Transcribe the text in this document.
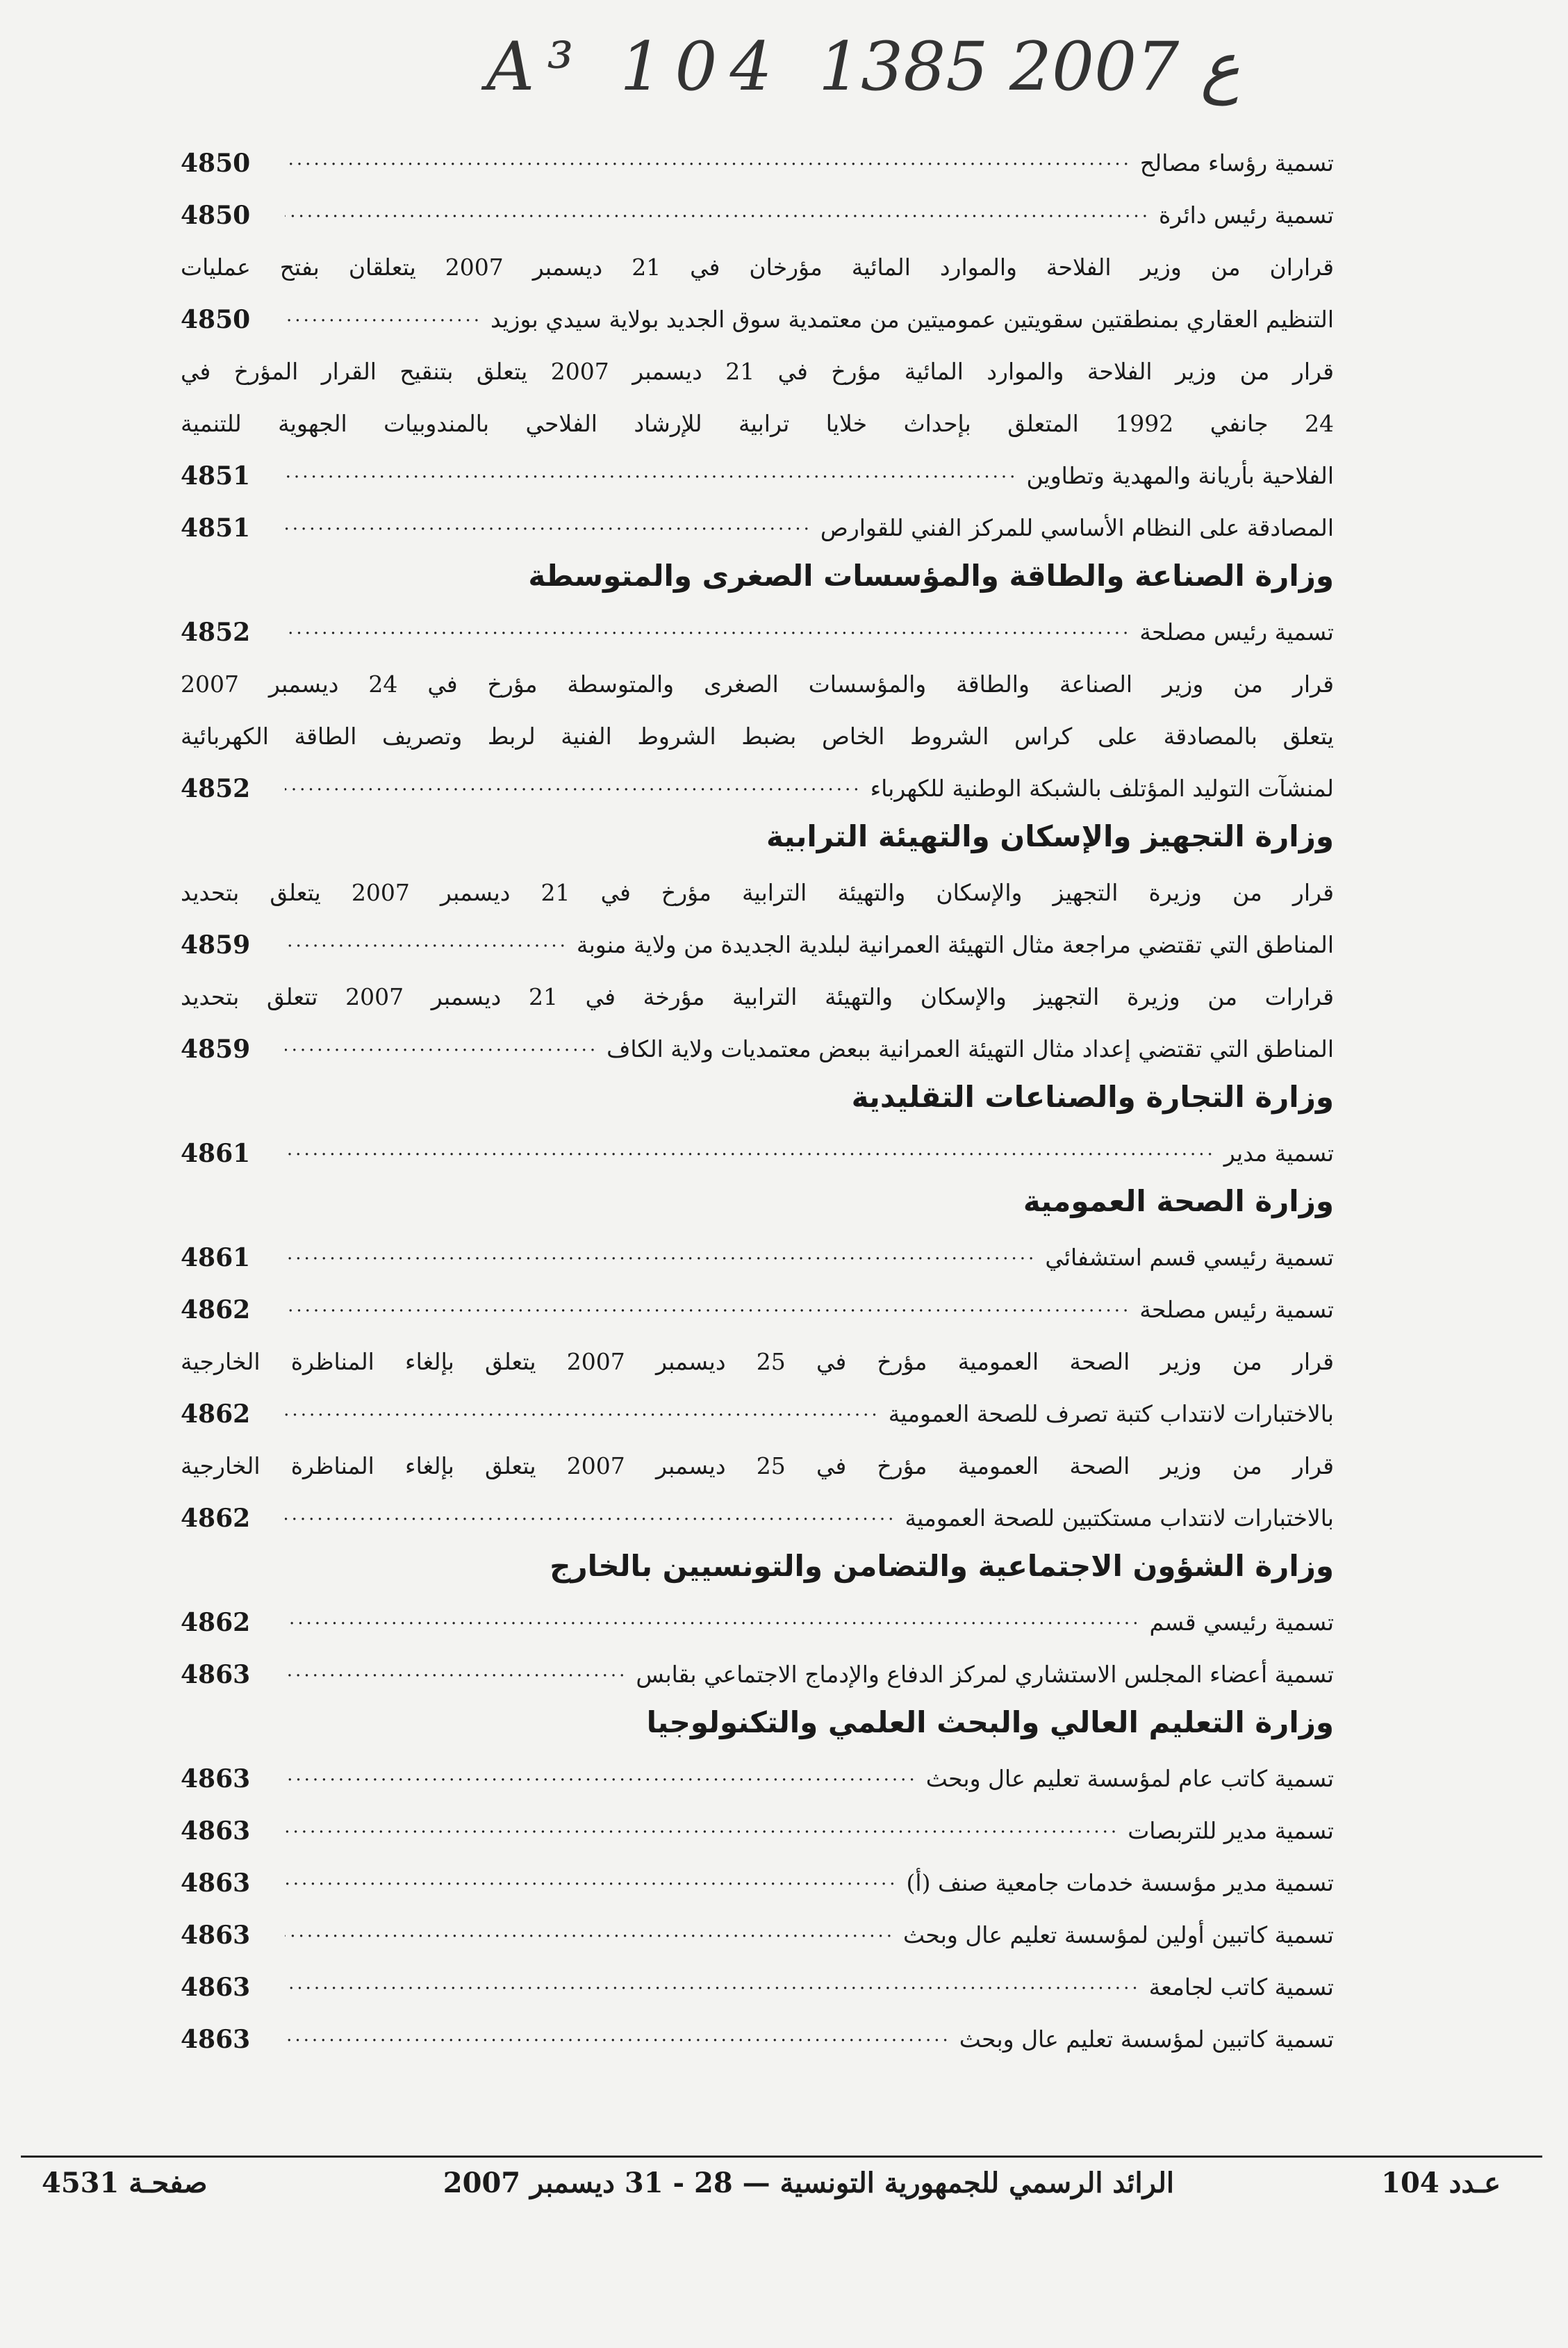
A³ 104 ع 2007 1385
تسمية رؤساء مصالح
.....
4850
تسمية رئيس دائرة
.....
4850
قراران من وزير الفلاحة والموارد المائية مؤرخان في 21 ديسمبر 2007 يتعلقان بفتح عمليات
التنظيم العقاري بمنطقتين سقويتين عموميتين من معتمدية سوق الجديد بولاية سيدي بوزيد
.....
4850
قرار من وزير الفلاحة والموارد المائية مؤرخ في 21 ديسمبر 2007 يتعلق بتنقيح القرار المؤرخ في
24 جانفي 1992 المتعلق بإحداث خلايا ترابية للإرشاد الفلاحي بالمندوبيات الجهوية للتنمية
الفلاحية بأريانة والمهدية وتطاوين
.....
4851
المصادقة على النظام الأساسي للمركز الفني للقوارص
.....
4851
وزارة الصناعة والطاقة والمؤسسات الصغرى والمتوسطة
تسمية رئيس مصلحة
.....
4852
قرار من وزير الصناعة والطاقة والمؤسسات الصغرى والمتوسطة مؤرخ في 24 ديسمبر 2007
يتعلق بالمصادقة على كراس الشروط الخاص بضبط الشروط الفنية لربط وتصريف الطاقة الكهربائية
لمنشآت التوليد المؤتلف بالشبكة الوطنية للكهرباء
.....
4852
وزارة التجهيز والإسكان والتهيئة الترابية
قرار من وزيرة التجهيز والإسكان والتهيئة الترابية مؤرخ في 21 ديسمبر 2007 يتعلق بتحديد
المناطق التي تقتضي مراجعة مثال التهيئة العمرانية لبلدية الجديدة من ولاية منوبة
.....
4859
قرارات من وزيرة التجهيز والإسكان والتهيئة الترابية مؤرخة في 21 ديسمبر 2007 تتعلق بتحديد
المناطق التي تقتضي إعداد مثال التهيئة العمرانية ببعض معتمديات ولاية الكاف
.....
4859
وزارة التجارة والصناعات التقليدية
تسمية مدير
.....
4861
وزارة الصحة العمومية
تسمية رئيسي قسم استشفائي
.....
4861
تسمية رئيس مصلحة
.....
4862
قرار من وزير الصحة العمومية مؤرخ في 25 ديسمبر 2007 يتعلق بإلغاء المناظرة الخارجية
بالاختبارات لانتداب كتبة تصرف للصحة العمومية
.....
4862
قرار من وزير الصحة العمومية مؤرخ في 25 ديسمبر 2007 يتعلق بإلغاء المناظرة الخارجية
بالاختبارات لانتداب مستكتبين للصحة العمومية
.....
4862
وزارة الشؤون الاجتماعية والتضامن والتونسيين بالخارج
تسمية رئيسي قسم
.....
4862
تسمية أعضاء المجلس الاستشاري لمركز الدفاع والإدماج الاجتماعي بقابس
.....
4863
وزارة التعليم العالي والبحث العلمي والتكنولوجيا
تسمية كاتب عام لمؤسسة تعليم عال وبحث
.....
4863
تسمية مدير للتربصات
.....
4863
تسمية مدير مؤسسة خدمات جامعية صنف (أ)
.....
4863
تسمية كاتبين أولين لمؤسسة تعليم عال وبحث
.....
4863
تسمية كاتب لجامعة
.....
4863
تسمية كاتبين لمؤسسة تعليم عال وبحث
.....
4863
عـدد 104
الرائد الرسمي للجمهورية التونسية — 28 - 31 ديسمبر 2007
صفحـة 4531
